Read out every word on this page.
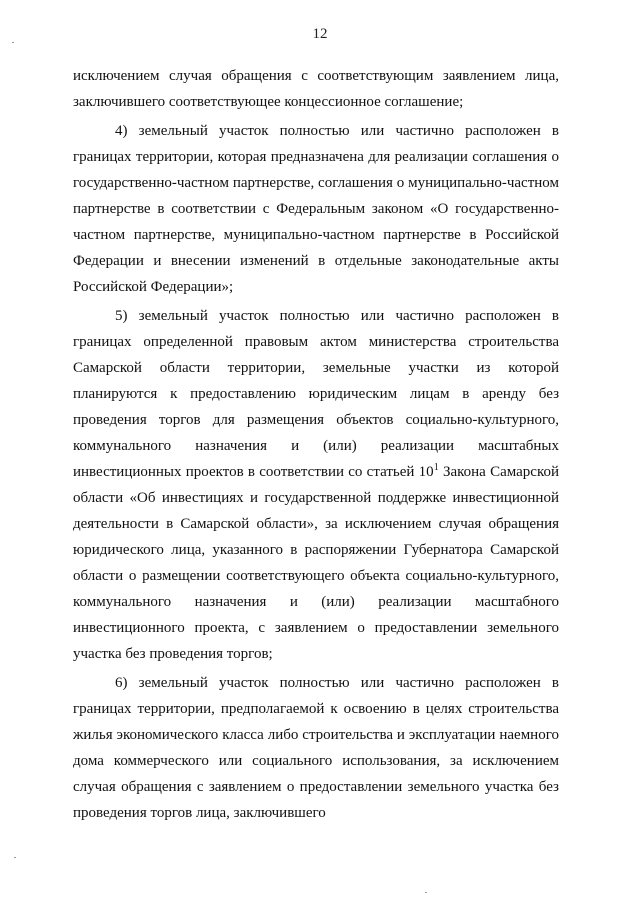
12

исключением случая обращения с соответствующим заявлением лица, заключившего соответствующее концессионное соглашение;

4) земельный участок полностью или частично расположен в границах территории, которая предназначена для реализации соглашения о государственно-частном партнерстве, соглашения о муниципально-частном партнерстве в соответствии с Федеральным законом «О государственно-частном партнерстве, муниципально-частном партнерстве в Российской Федерации и внесении изменений в отдельные законодательные акты Российской Федерации»;

5) земельный участок полностью или частично расположен в границах определенной правовым актом министерства строительства Самарской области территории, земельные участки из которой планируются к предоставлению юридическим лицам в аренду без проведения торгов для размещения объектов социально-культурного, коммунального назначения и (или) реализации масштабных инвестиционных проектов в соответствии со статьей $10^1$ Закона Самарской области «Об инвестициях и государственной поддержке инвестиционной деятельности в Самарской области», за исключением случая обращения юридического лица, указанного в распоряжении Губернатора Самарской области о размещении соответствующего объекта социально-культурного, коммунального назначения и (или) реализации масштабного инвестиционного проекта, с заявлением о предоставлении земельного участка без проведения торгов;

6) земельный участок полностью или частично расположен в границах территории, предполагаемой к освоению в целях строительства жилья экономического класса либо строительства и эксплуатации наемного дома коммерческого или социального использования, за исключением случая обращения с заявлением о предоставлении земельного участка без проведения торгов лица, заключившего
